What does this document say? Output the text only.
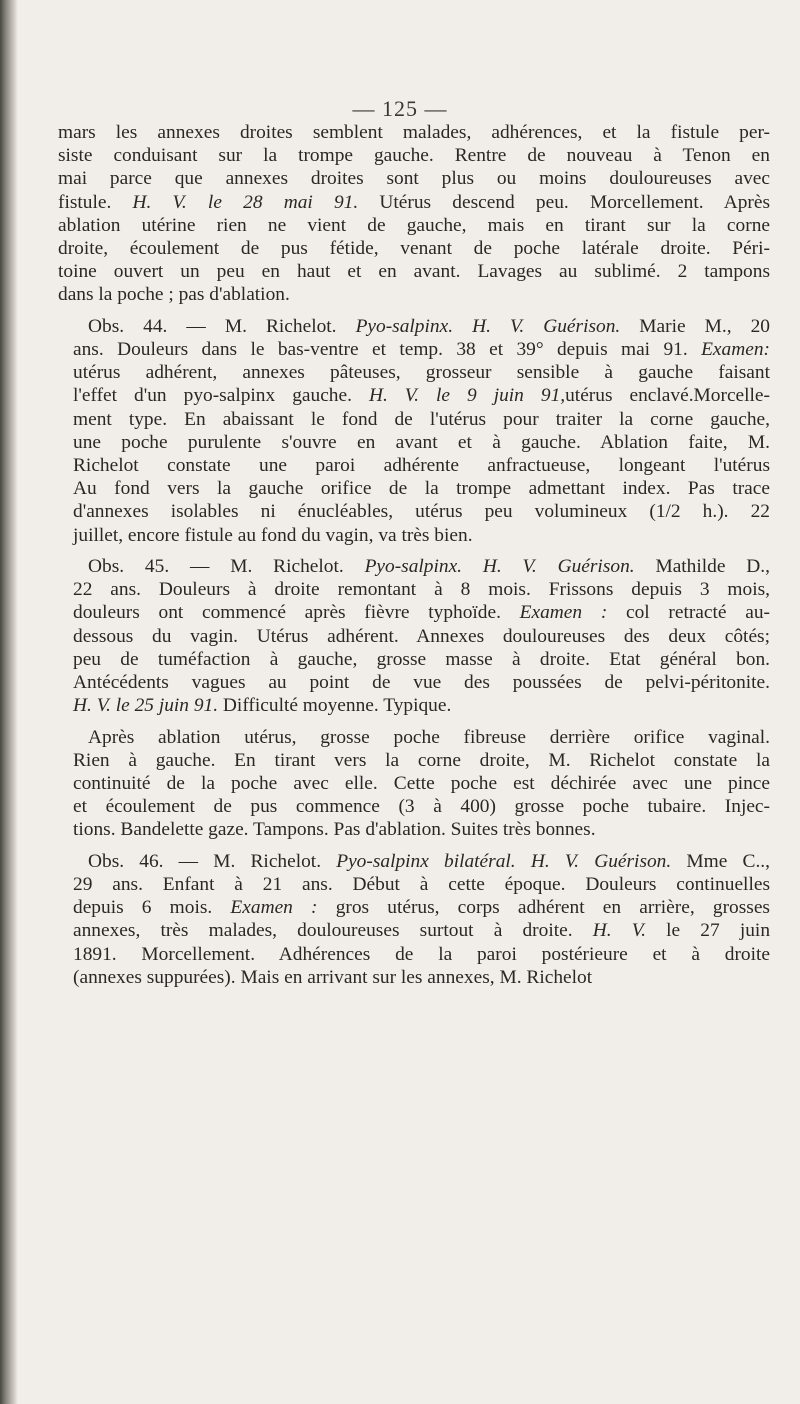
— 125 —
mars les annexes droites semblent malades, adhérences, et la fistule per-
siste conduisant sur la trompe gauche. Rentre de nouveau à Tenon en
mai parce que annexes droites sont plus ou moins douloureuses avec
fistule. H. V. le 28 mai 91. Utérus descend peu. Morcellement. Après
ablation utérine rien ne vient de gauche, mais en tirant sur la corne
droite, écoulement de pus fétide, venant de poche latérale droite. Péri-
toine ouvert un peu en haut et en avant. Lavages au sublimé. 2 tampons
dans la poche ; pas d'ablation.
Obs. 44. — M. Richelot. Pyo-salpinx. H. V. Guérison. Marie M., 20
ans. Douleurs dans le bas-ventre et temp. 38 et 39° depuis mai 91. Examen:
utérus adhérent, annexes pâteuses, grosseur sensible à gauche faisant
l'effet d'un pyo-salpinx gauche. H. V. le 9 juin 91,utérus enclavé.Morcelle-
ment type. En abaissant le fond de l'utérus pour traiter la corne gauche,
une poche purulente s'ouvre en avant et à gauche. Ablation faite, M.
Richelot constate une paroi adhérente anfractueuse, longeant l'utérus
Au fond vers la gauche orifice de la trompe admettant index. Pas trace
d'annexes isolables ni énucléables, utérus peu volumineux (1/2 h.). 22
juillet, encore fistule au fond du vagin, va très bien.
Obs. 45. — M. Richelot. Pyo-salpinx. H. V. Guérison. Mathilde D.,
22 ans. Douleurs à droite remontant à 8 mois. Frissons depuis 3 mois,
douleurs ont commencé après fièvre typhoïde. Examen : col retracté au-
dessous du vagin. Utérus adhérent. Annexes douloureuses des deux côtés;
peu de tuméfaction à gauche, grosse masse à droite. Etat général bon.
Antécédents vagues au point de vue des poussées de pelvi-péritonite.
H. V. le 25 juin 91. Difficulté moyenne. Typique.
Après ablation utérus, grosse poche fibreuse derrière orifice vaginal.
Rien à gauche. En tirant vers la corne droite, M. Richelot constate la
continuité de la poche avec elle. Cette poche est déchirée avec une pince
et écoulement de pus commence (3 à 400) grosse poche tubaire. Injec-
tions. Bandelette gaze. Tampons. Pas d'ablation. Suites très bonnes.
Obs. 46. — M. Richelot. Pyo-salpinx bilatéral. H. V. Guérison. Mme C..,
29 ans. Enfant à 21 ans. Début à cette époque. Douleurs continuelles
depuis 6 mois. Examen : gros utérus, corps adhérent en arrière, grosses
annexes, très malades, douloureuses surtout à droite. H. V. le 27 juin
1891. Morcellement. Adhérences de la paroi postérieure et à droite
(annexes suppurées). Mais en arrivant sur les annexes, M. Richelot
